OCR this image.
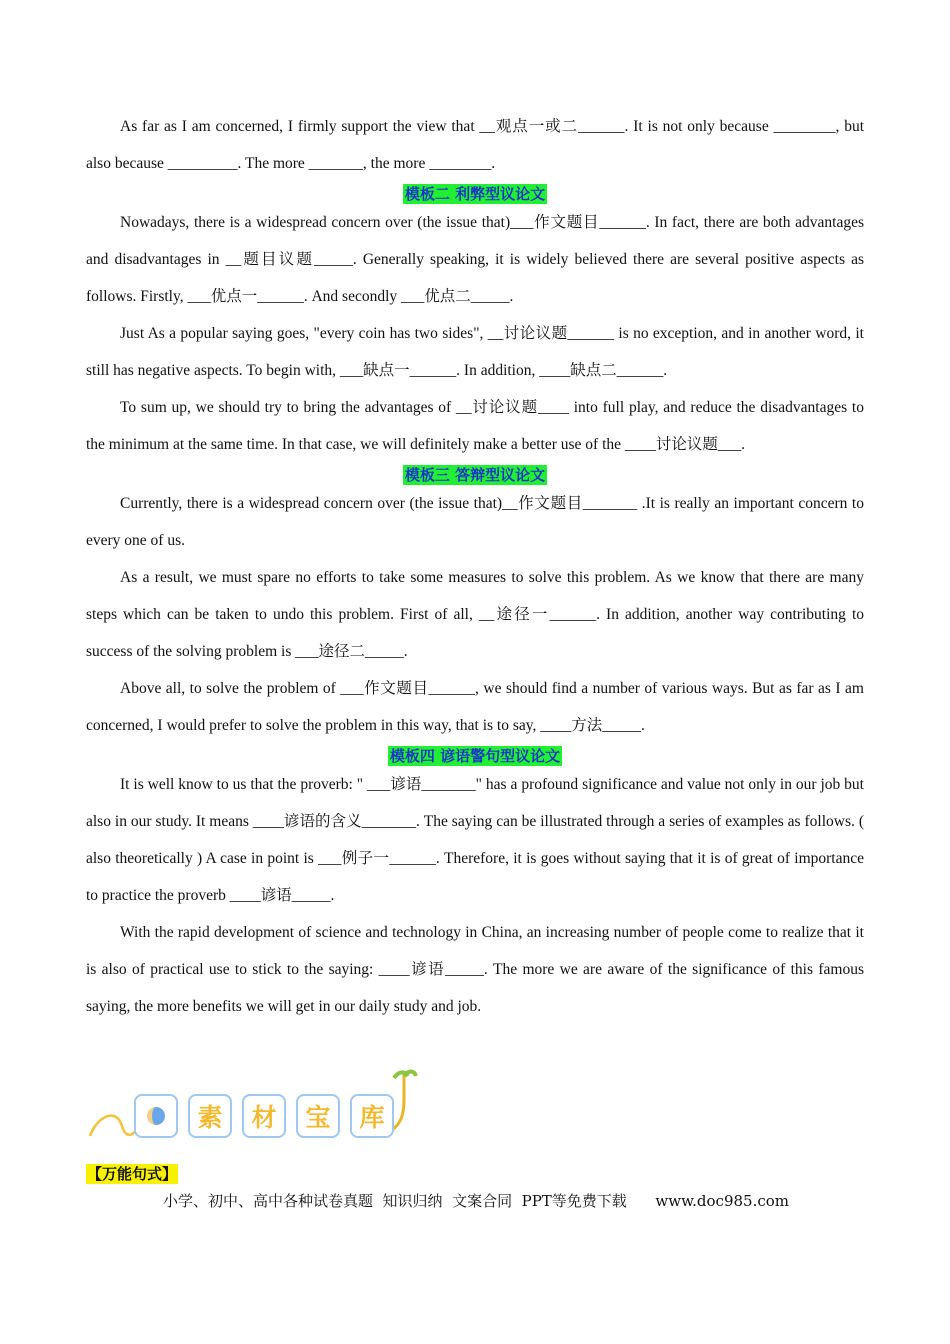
As far as I am concerned, I firmly support the view that __观点一或二______. It is not only because ________, but also because _________. The more _______, the more ________.

模板二 利弊型议论文

Nowadays, there is a widespread concern over (the issue that)___作文题目______. In fact, there are both advantages and disadvantages in __题目议题_____. Generally speaking, it is widely believed there are several positive aspects as follows. Firstly, ___优点一______. And secondly ___优点二_____.

Just As a popular saying goes, "every coin has two sides", __讨论议题______ is no exception, and in another word, it still has negative aspects. To begin with, ___缺点一______. In addition, ____缺点二______.

To sum up, we should try to bring the advantages of __讨论议题____ into full play, and reduce the disadvantages to the minimum at the same time. In that case, we will definitely make a better use of the ____讨论议题___.

模板三 答辩型议论文

Currently, there is a widespread concern over (the issue that)__作文题目_______ .It is really an important concern to every one of us.

As a result, we must spare no efforts to take some measures to solve this problem. As we know that there are many steps which can be taken to undo this problem. First of all, __途径一______. In addition, another way contributing to success of the solving problem is ___途径二_____.

Above all, to solve the problem of ___作文题目______, we should find a number of various ways. But as far as I am concerned, I would prefer to solve the problem in this way, that is to say, ____方法_____.

模板四 谚语警句型议论文

It is well know to us that the proverb: " ___谚语_______" has a profound significance and value not only in our job but also in our study. It means ____谚语的含义_______. The saying can be illustrated through a series of examples as follows. ( also theoretically ) A case in point is ___例子一______. Therefore, it is goes without saying that it is of great of importance to practice the proverb ____谚语_____.

With the rapid development of science and technology in China, an increasing number of people come to realize that it is also of practical use to stick to the saying: ____谚语_____. The more we are aware of the significance of this famous saying, the more benefits we will get in our daily study and job.

素	材	宝	库
【万能句式】
小学、初中、高中各种试卷真题  知识归纳  文案合同  PPT等免费下载      www.doc985.com
